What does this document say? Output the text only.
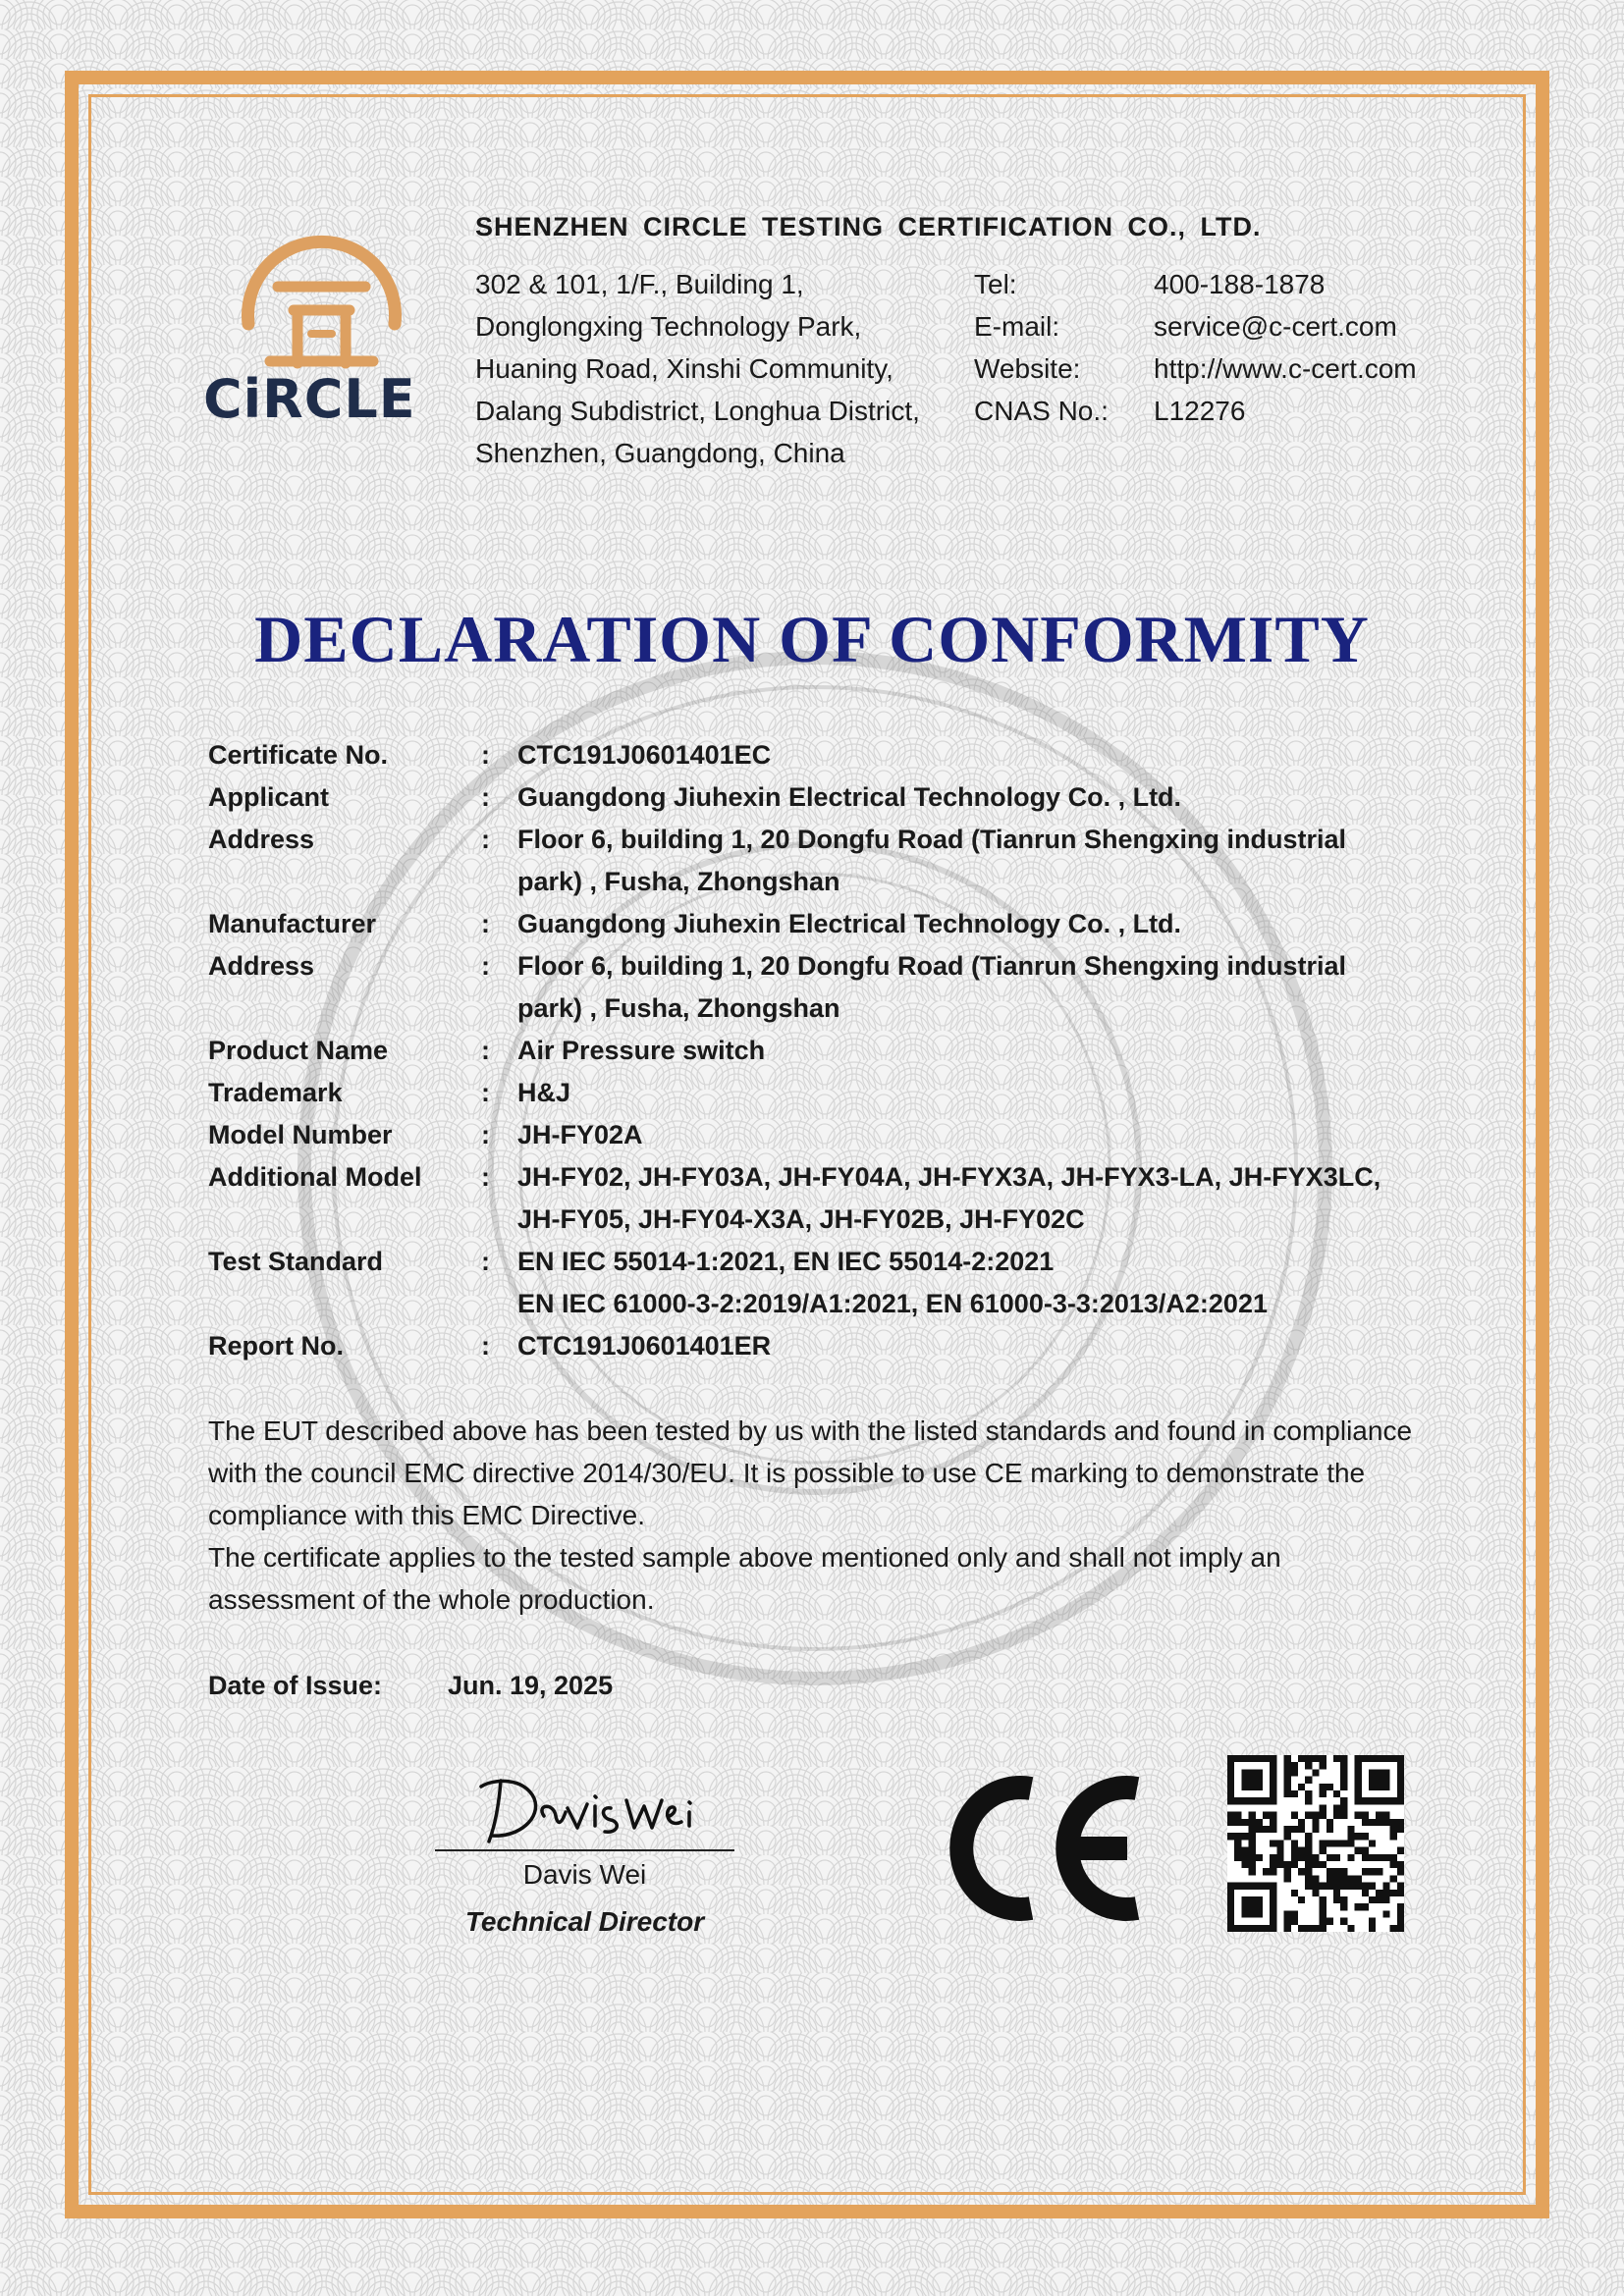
CiRCLE
SHENZHEN CIRCLE TESTING CERTIFICATION CO., LTD.
302 & 101, 1/F., Building 1,
Donglongxing Technology Park,
Huaning Road, Xinshi Community,
Dalang Subdistrict, Longhua District,
Shenzhen, Guangdong, China
Tel:	400-188-1878
E-mail:	service@c-cert.com
Website:	http://www.c-cert.com
CNAS No.:	L12276
DECLARATION OF CONFORMITY
Certificate No.	:	CTC191J0601401EC
Applicant	:	Guangdong Jiuhexin Electrical Technology Co. , Ltd.
Address	:	Floor 6, building 1, 20 Dongfu Road (Tianrun Shengxing industrial
park) , Fusha, Zhongshan
Manufacturer	:	Guangdong Jiuhexin Electrical Technology Co. , Ltd.
Address	:	Floor 6, building 1, 20 Dongfu Road (Tianrun Shengxing industrial
park) , Fusha, Zhongshan
Product Name	:	Air Pressure switch
Trademark	:	H&J
Model Number	:	JH-FY02A
Additional Model	:	JH-FY02, JH-FY03A, JH-FY04A, JH-FYX3A, JH-FYX3-LA, JH-FYX3LC,
JH-FY05, JH-FY04-X3A, JH-FY02B, JH-FY02C
Test Standard	:	EN IEC 55014-1:2021, EN IEC 55014-2:2021
EN IEC 61000-3-2:2019/A1:2021, EN 61000-3-3:2013/A2:2021
Report No.	:	CTC191J0601401ER
The EUT described above has been tested by us with the listed standards and found in compliance
with the council EMC directive 2014/30/EU. It is possible to use CE marking to demonstrate the
compliance with this EMC Directive.
The certificate applies to the tested sample above mentioned only and shall not imply an
assessment of the whole production.
Date of Issue:	Jun. 19, 2025
Davis Wei
Technical Director
